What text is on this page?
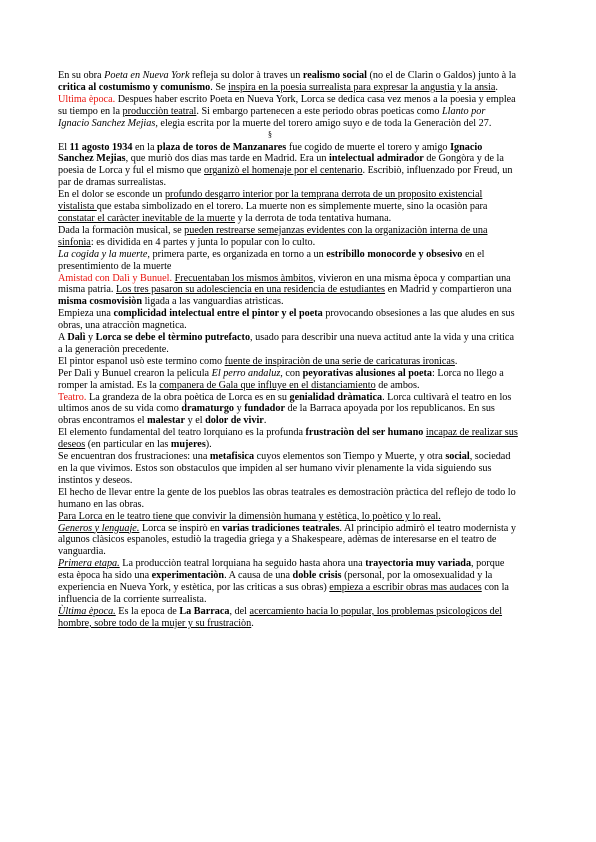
En su obra Poeta en Nueva York refleja su dolor à traves un realismo social (no el de Clarìn o Galdos) junto à la critica al costumismo y comunismo. Se inspira en la poesia surrealista para expresar la angustia y la ansia.

Ultima època. Despues haber escrito Poeta en Nueva York, Lorca se dedica casa vez menos a la poesìa y emplea su tiempo en la producciòn teatral. Si embargo partenecen a este periodo obras poeticas como Llanto por Ignacio Sanchez Mejias, elegìa escrita por la muerte del torero amigo suyo e de toda la Generaciòn del 27.

§

El 11 agosto 1934 en la plaza de toros de Manzanares fue cogido de muerte el torero y amigo Ignacio Sanchez Mejias, que muriò dos dias mas tarde en Madrid. Era un intelectual admirador de Gongòra y de la poesìa de Lorca y ful el mismo que organizò el homenaje por el centenario. Escribiò, influenzado por Freud, un par de dramas surrealistas.

En el dolor se esconde un profundo desgarro interior por la temprana derrota de un proposito existencial vistalista que estaba simbolizado en el torero. La muerte non es simplemente muerte, sino la ocasiòn para constatar el caràcter inevitable de la muerte y la derrota de toda tentativa humana.

Dada la formaciòn musical, se pueden restrearse semejanzas evidentes con la organizaciòn interna de una sinfonìa: es dividida en 4 partes y junta lo popular con lo culto.

La cogida y la muerte, primera parte, es organizada en torno a un estribillo monocorde y obsesivo en el presentimiento de la muerte

Amistad con Dalì y Bunuel. Frecuentaban los mismos àmbitos, vivieron en una misma època y compartian una misma patria. Los tres pasaron su adolesciencia en una residencia de estudiantes en Madrid y compartieron una misma cosmovisiòn ligada a las vanguardias atrìsticas.

Empieza una complicidad intelectual entre el pintor y el poeta provocando obsesiones a las que aludes en sus obras, una atracciòn magnetica.

A Dalì y Lorca se debe el tèrmino putrefacto, usado para describir una nueva actitud ante la vida y una critica a la generaciòn precedente.

El pintor espanol usò este termino como fuente de inspiraciòn de una serie de caricaturas ironicas.

Per Dalì y Bunuel crearon la pelicula El perro andaluz, con peyorativas alusiones al poeta: Lorca no llego a romper la amistad. Es la companera de Gala que influye en el distanciamiento de ambos.

Teatro. La grandeza de la obra poètica de Lorca es en su genialidad dràmatica. Lorca cultivarà el teatro en los ultimos anos de su vida como dramaturgo y fundador de la Barraca apoyada por los republicanos. En sus obras encontramos el malestar y el dolor de vivir.

El elemento fundamental del teatro lorquiano es la profunda frustraciòn del ser humano incapaz de realizar sus deseos (en particular en las mujeres).

Se encuentran dos frustraciones: una metafisica cuyos elementos son Tiempo y Muerte, y otra social, sociedad en la que vivimos. Estos son obstaculos que impiden al ser humano vivir plenamente la vida siguiendo sus instintos y deseos.

El hecho de llevar entre la gente de los pueblos las obras teatrales es demostraciòn pràctica del reflejo de todo lo humano en las obras.

Para Lorca en le teatro tiene que convivir la dimensiòn humana y estètica, lo poètico y lo real.

Generos y lenguaje. Lorca se inspirò en varias tradiciones teatrales. Al principio admirò el teatro modernista y algunos clàsicos espanoles, estudiò la tragedia griega y a Shakespeare, adèmas de interesarse en el teatro de vanguardia.

Primera etapa. La producciòn teatral lorquiana ha seguido hasta ahora una trayectoria muy variada, porque esta època ha sido una experimentaciòn. A causa de una doble crisis (personal, por la omosexualidad y la experiencia en Nueva York, y estètica, por las criticas a sus obras) empieza a escribir obras mas audaces con la influencia de la corriente surrealista.

Ùltima època. Es la epoca de La Barraca, del acercamiento hacia lo popular, los problemas psicologicos del hombre, sobre todo de la mujer y su frustraciòn.
